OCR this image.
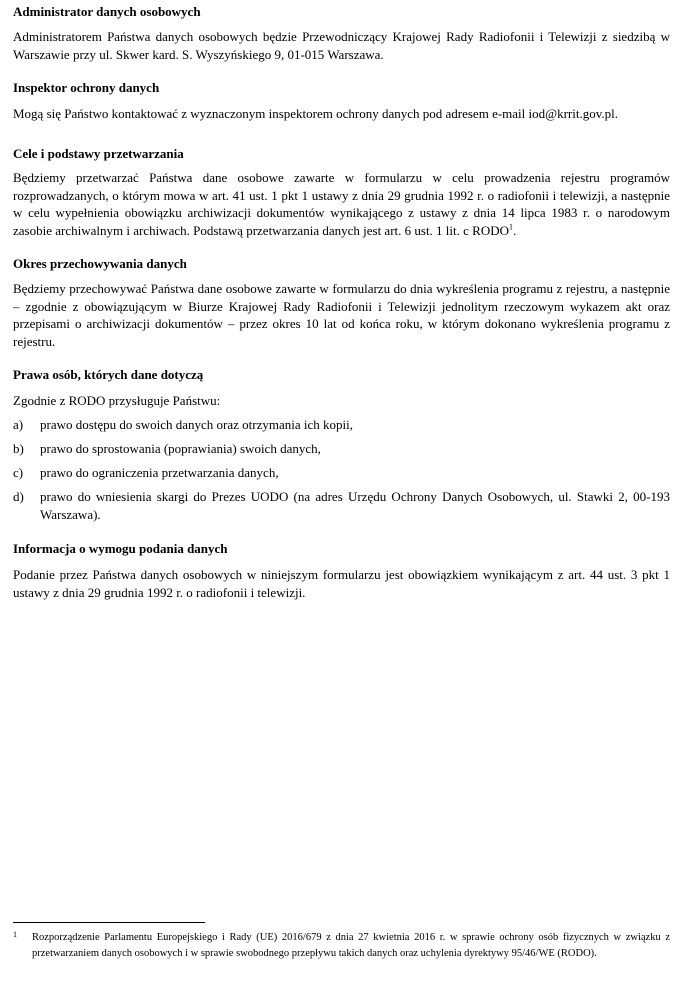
Administrator danych osobowych

Administratorem Państwa danych osobowych będzie Przewodniczący Krajowej Rady Radiofonii i Telewizji z siedzibą w Warszawie przy ul. Skwer kard. S. Wyszyńskiego 9, 01-015 Warszawa.

Inspektor ochrony danych

Mogą się Państwo kontaktować z wyznaczonym inspektorem ochrony danych pod adresem e-mail iod@krrit.gov.pl.

Cele i podstawy przetwarzania

Będziemy przetwarzać Państwa dane osobowe zawarte w formularzu w celu prowadzenia rejestru programów rozprowadzanych, o którym mowa w art. 41 ust. 1 pkt 1 ustawy z dnia 29 grudnia 1992 r. o radiofonii i telewizji, a następnie w celu wypełnienia obowiązku archiwizacji dokumentów wynikającego z ustawy z dnia 14 lipca 1983 r. o narodowym zasobie archiwalnym i archiwach. Podstawą przetwarzania danych jest art. 6 ust. 1 lit. c RODO$^1$.

Okres przechowywania danych

Będziemy przechowywać Państwa dane osobowe zawarte w formularzu do dnia wykreślenia programu z rejestru, a następnie – zgodnie z obowiązującym w Biurze Krajowej Rady Radiofonii i Telewizji jednolitym rzeczowym wykazem akt oraz przepisami o archiwizacji dokumentów – przez okres 10 lat od końca roku, w którym dokonano wykreślenia programu z rejestru.

Prawa osób, których dane dotyczą

Zgodnie z RODO przysługuje Państwu:

a) prawo dostępu do swoich danych oraz otrzymania ich kopii,
b) prawo do sprostowania (poprawiania) swoich danych,
c) prawo do ograniczenia przetwarzania danych,
d) prawo do wniesienia skargi do Prezes UODO (na adres Urzędu Ochrony Danych Osobowych, ul. Stawki 2, 00-193 Warszawa).
Informacja o wymogu podania danych

Podanie przez Państwa danych osobowych w niniejszym formularzu jest obowiązkiem wynikającym z art. 44 ust. 3 pkt 1 ustawy z dnia 29 grudnia 1992 r. o radiofonii i telewizji.

1 Rozporządzenie Parlamentu Europejskiego i Rady (UE) 2016/679 z dnia 27 kwietnia 2016 r. w sprawie ochrony osób fizycznych w związku z przetwarzaniem danych osobowych i w sprawie swobodnego przepływu takich danych oraz uchylenia dyrektywy 95/46/WE (RODO).
